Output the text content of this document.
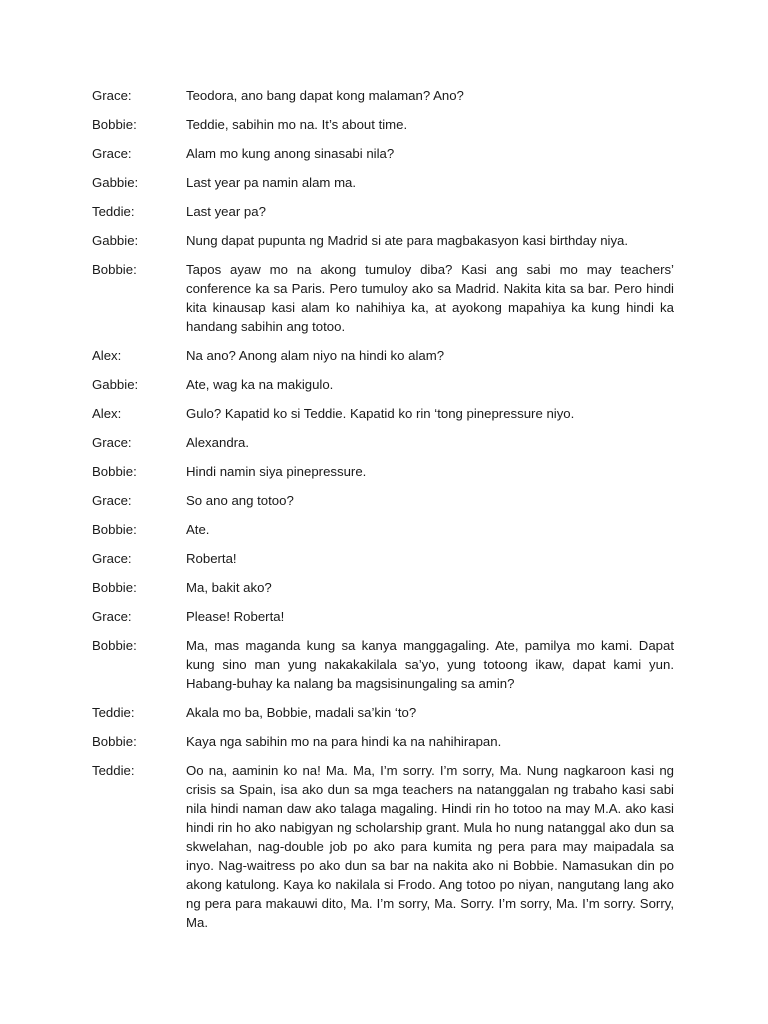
Grace:	Teodora, ano bang dapat kong malaman? Ano?
Bobbie:	Teddie, sabihin mo na. It’s about time.
Grace:	Alam mo kung anong sinasabi nila?
Gabbie:	Last year pa namin alam ma.
Teddie:	Last year pa?
Gabbie:	Nung dapat pupunta ng Madrid si ate para magbakasyon kasi birthday niya.
Bobbie:	Tapos ayaw mo na akong tumuloy diba? Kasi ang sabi mo may teachers’ conference ka sa Paris. Pero tumuloy ako sa Madrid. Nakita kita sa bar. Pero hindi kita kinausap kasi alam ko nahihiya ka, at ayokong mapahiya ka kung hindi ka handang sabihin ang totoo.
Alex:	Na ano? Anong alam niyo na hindi ko alam?
Gabbie:	Ate, wag ka na makigulo.
Alex:	Gulo? Kapatid ko si Teddie. Kapatid ko rin ‘tong pinepressure niyo.
Grace:	Alexandra.
Bobbie:	Hindi namin siya pinepressure.
Grace:	So ano ang totoo?
Bobbie:	Ate.
Grace:	Roberta!
Bobbie:	Ma, bakit ako?
Grace:	Please! Roberta!
Bobbie:	Ma, mas maganda kung sa kanya manggagaling. Ate, pamilya mo kami. Dapat kung sino man yung nakakakilala sa’yo, yung totoong ikaw, dapat kami yun. Habang-buhay ka nalang ba magsisinungaling sa amin?
Teddie:	Akala mo ba, Bobbie, madali sa’kin ‘to?
Bobbie:	Kaya nga sabihin mo na para hindi ka na nahihirapan.
Teddie:	Oo na, aaminin ko na! Ma. Ma, I’m sorry. I’m sorry, Ma. Nung nagkaroon kasi ng crisis sa Spain, isa ako dun sa mga teachers na natanggalan ng trabaho kasi sabi nila hindi naman daw ako talaga magaling. Hindi rin ho totoo na may M.A. ako kasi hindi rin ho ako nabigyan ng scholarship grant. Mula ho nung natanggal ako dun sa skwelahan, nag-double job po ako para kumita ng pera para may maipadala sa inyo. Nag-waitress po ako dun sa bar na nakita ako ni Bobbie. Namasukan din po akong katulong. Kaya ko nakilala si Frodo. Ang totoo po niyan, nangutang lang ako ng pera para makauwi dito, Ma. I’m sorry, Ma. Sorry. I’m sorry, Ma. I’m sorry. Sorry, Ma.
